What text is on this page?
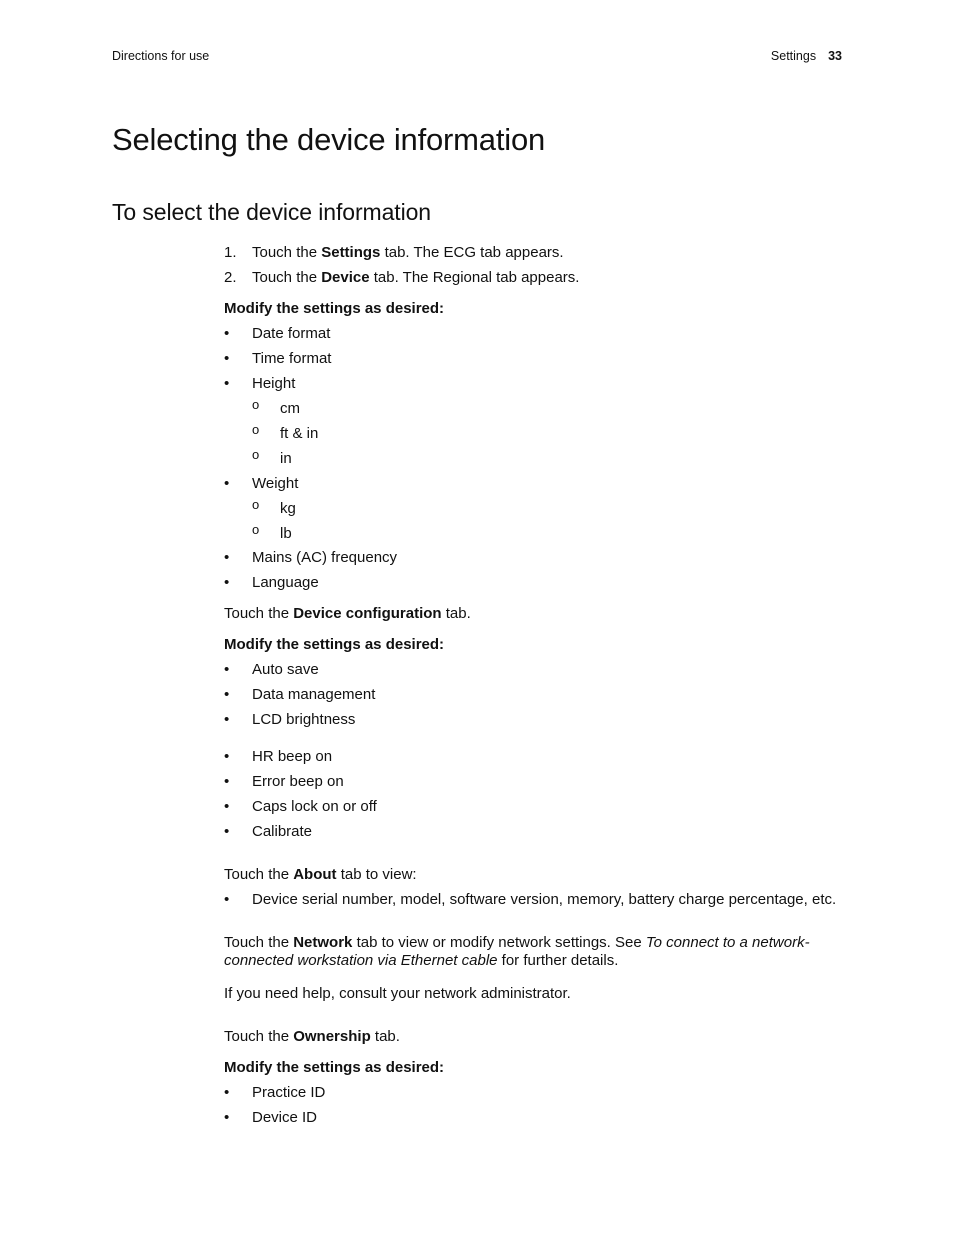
Directions for use	Settings 33
Selecting the device information
To select the device information
1. Touch the Settings tab. The ECG tab appears.
2. Touch the Device tab. The Regional tab appears.
Modify the settings as desired:
• Date format
• Time format
• Height
o cm
o ft & in
o in
• Weight
o kg
o lb
• Mains (AC) frequency
• Language
Touch the Device configuration tab.
Modify the settings as desired:
• Auto save
• Data management
• LCD brightness
• HR beep on
• Error beep on
• Caps lock on or off
• Calibrate
Touch the About tab to view:
• Device serial number, model, software version, memory, battery charge percentage, etc.
Touch the Network tab to view or modify network settings. See To connect to a network-connected workstation via Ethernet cable for further details.
If you need help, consult your network administrator.
Touch the Ownership tab.
Modify the settings as desired:
• Practice ID
• Device ID
